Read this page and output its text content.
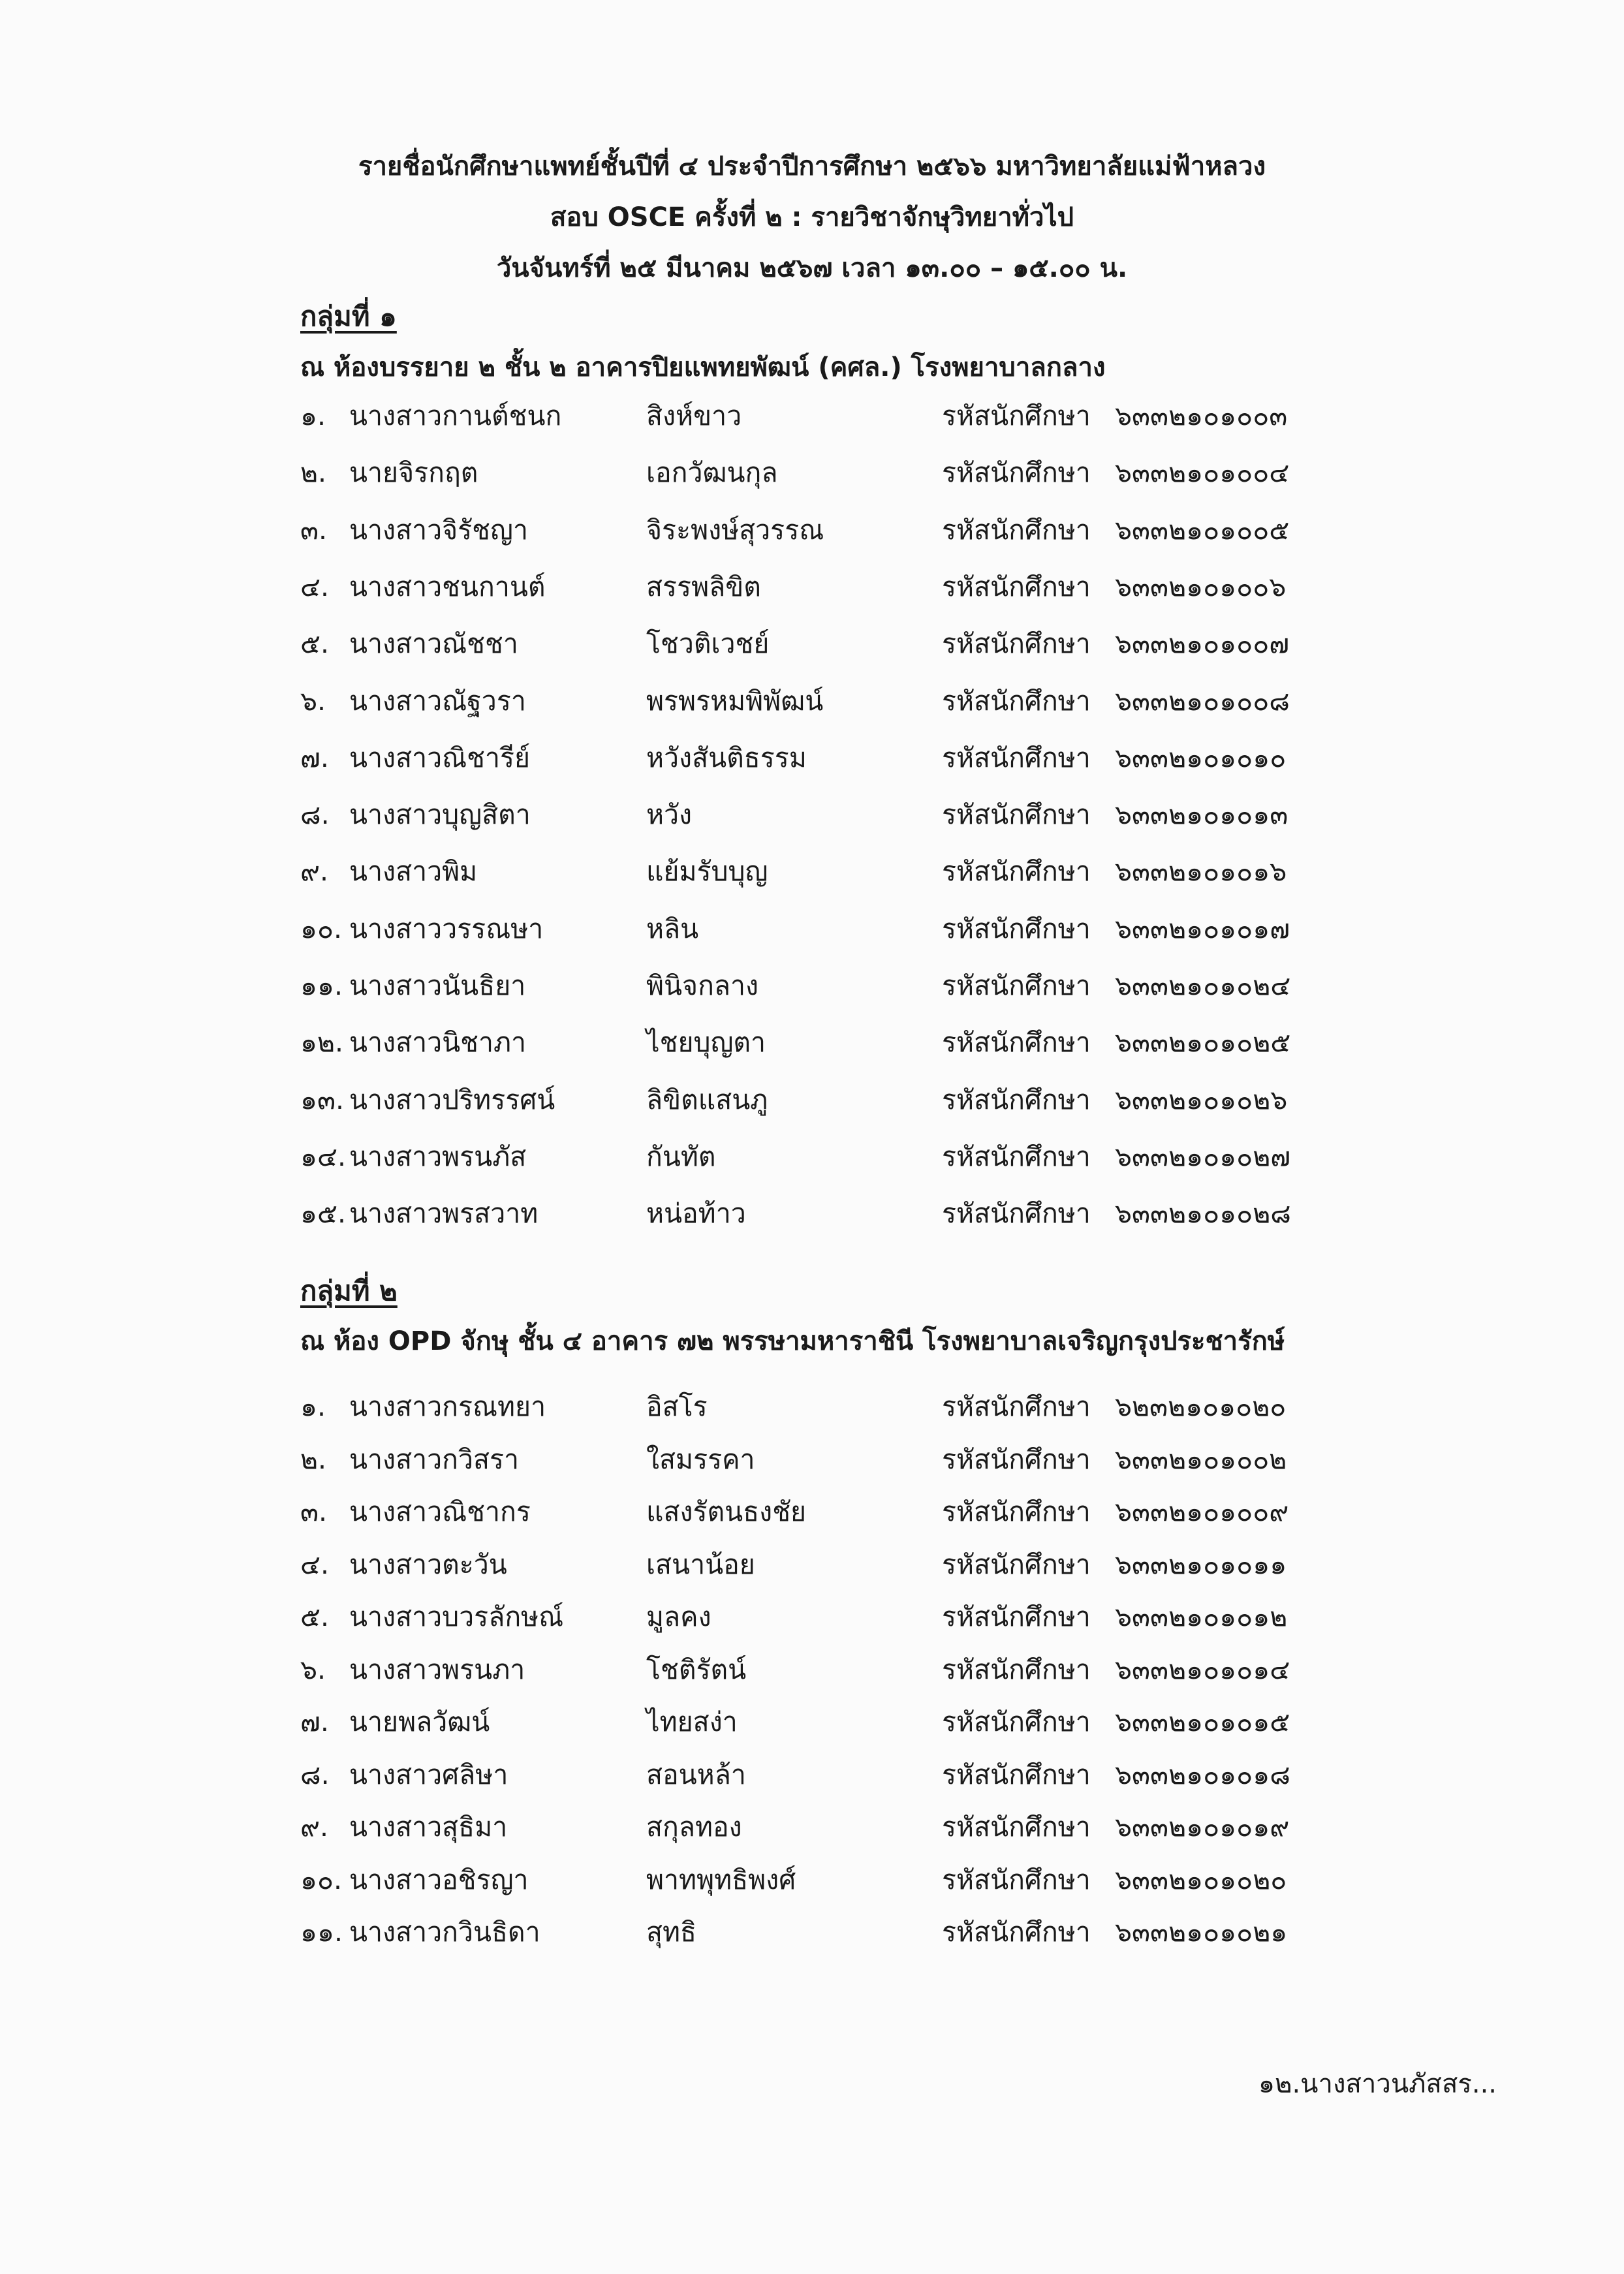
รายชื่อนักศึกษาแพทย์ชั้นปีที่ ๔ ประจำปีการศึกษา ๒๕๖๖ มหาวิทยาลัยแม่ฟ้าหลวง
สอบ OSCE ครั้งที่ ๒ : รายวิชาจักษุวิทยาทั่วไป
วันจันทร์ที่ ๒๕ มีนาคม ๒๕๖๗ เวลา ๑๓.๐๐ – ๑๕.๐๐ น.
กลุ่มที่ ๑
ณ ห้องบรรยาย ๒ ชั้น ๒ อาคารปิยแพทยพัฒน์ (คศล.) โรงพยาบาลกลาง
๑. นางสาวกานต์ชนก	สิงห์ขาว	รหัสนักศึกษา ๖๓๓๒๑๐๑๐๐๓
๒. นายจิรกฤต	เอกวัฒนกุล	รหัสนักศึกษา ๖๓๓๒๑๐๑๐๐๔
๓. นางสาวจิรัชญา	จิระพงษ์สุวรรณ	รหัสนักศึกษา ๖๓๓๒๑๐๑๐๐๕
๔. นางสาวชนกานต์	สรรพลิขิต	รหัสนักศึกษา ๖๓๓๒๑๐๑๐๐๖
๕. นางสาวณัชชา	โชวติเวชย์	รหัสนักศึกษา ๖๓๓๒๑๐๑๐๐๗
๖. นางสาวณัฐวรา	พรพรหมพิพัฒน์	รหัสนักศึกษา ๖๓๓๒๑๐๑๐๐๘
๗. นางสาวณิชารีย์	หวังสันติธรรม	รหัสนักศึกษา ๖๓๓๒๑๐๑๐๑๐
๘. นางสาวบุญสิตา	หวัง	รหัสนักศึกษา ๖๓๓๒๑๐๑๐๑๓
๙. นางสาวพิม	แย้มรับบุญ	รหัสนักศึกษา ๖๓๓๒๑๐๑๐๑๖
๑๐. นางสาววรรณษา	หลิน	รหัสนักศึกษา ๖๓๓๒๑๐๑๐๑๗
๑๑. นางสาวนันธิยา	พินิจกลาง	รหัสนักศึกษา ๖๓๓๒๑๐๑๐๒๔
๑๒. นางสาวนิชาภา	ไชยบุญตา	รหัสนักศึกษา ๖๓๓๒๑๐๑๐๒๕
๑๓. นางสาวปริทรรศน์	ลิขิตแสนภู	รหัสนักศึกษา ๖๓๓๒๑๐๑๐๒๖
๑๔. นางสาวพรนภัส	กันทัต	รหัสนักศึกษา ๖๓๓๒๑๐๑๐๒๗
๑๕. นางสาวพรสวาท	หน่อท้าว	รหัสนักศึกษา ๖๓๓๒๑๐๑๐๒๘
กลุ่มที่ ๒
ณ ห้อง OPD จักษุ ชั้น ๔ อาคาร ๗๒ พรรษามหาราชินี โรงพยาบาลเจริญกรุงประชารักษ์
๑. นางสาวกรณทยา	อิสโร	รหัสนักศึกษา ๖๒๓๒๑๐๑๐๒๐
๒. นางสาวกวิสรา	ใสมรรคา	รหัสนักศึกษา ๖๓๓๒๑๐๑๐๐๒
๓. นางสาวณิชากร	แสงรัตนธงชัย	รหัสนักศึกษา ๖๓๓๒๑๐๑๐๐๙
๔. นางสาวตะวัน	เสนาน้อย	รหัสนักศึกษา ๖๓๓๒๑๐๑๐๑๑
๕. นางสาวบวรลักษณ์	มูลคง	รหัสนักศึกษา ๖๓๓๒๑๐๑๐๑๒
๖. นางสาวพรนภา	โชติรัตน์	รหัสนักศึกษา ๖๓๓๒๑๐๑๐๑๔
๗. นายพลวัฒน์	ไทยสง่า	รหัสนักศึกษา ๖๓๓๒๑๐๑๐๑๕
๘. นางสาวศลิษา	สอนหล้า	รหัสนักศึกษา ๖๓๓๒๑๐๑๐๑๘
๙. นางสาวสุธิมา	สกุลทอง	รหัสนักศึกษา ๖๓๓๒๑๐๑๐๑๙
๑๐. นางสาวอชิรญา	พาทพุทธิพงศ์	รหัสนักศึกษา ๖๓๓๒๑๐๑๐๒๐
๑๑. นางสาวกวินธิดา	สุทธิ	รหัสนักศึกษา ๖๓๓๒๑๐๑๐๒๑
๑๒.นางสาวนภัสสร...
